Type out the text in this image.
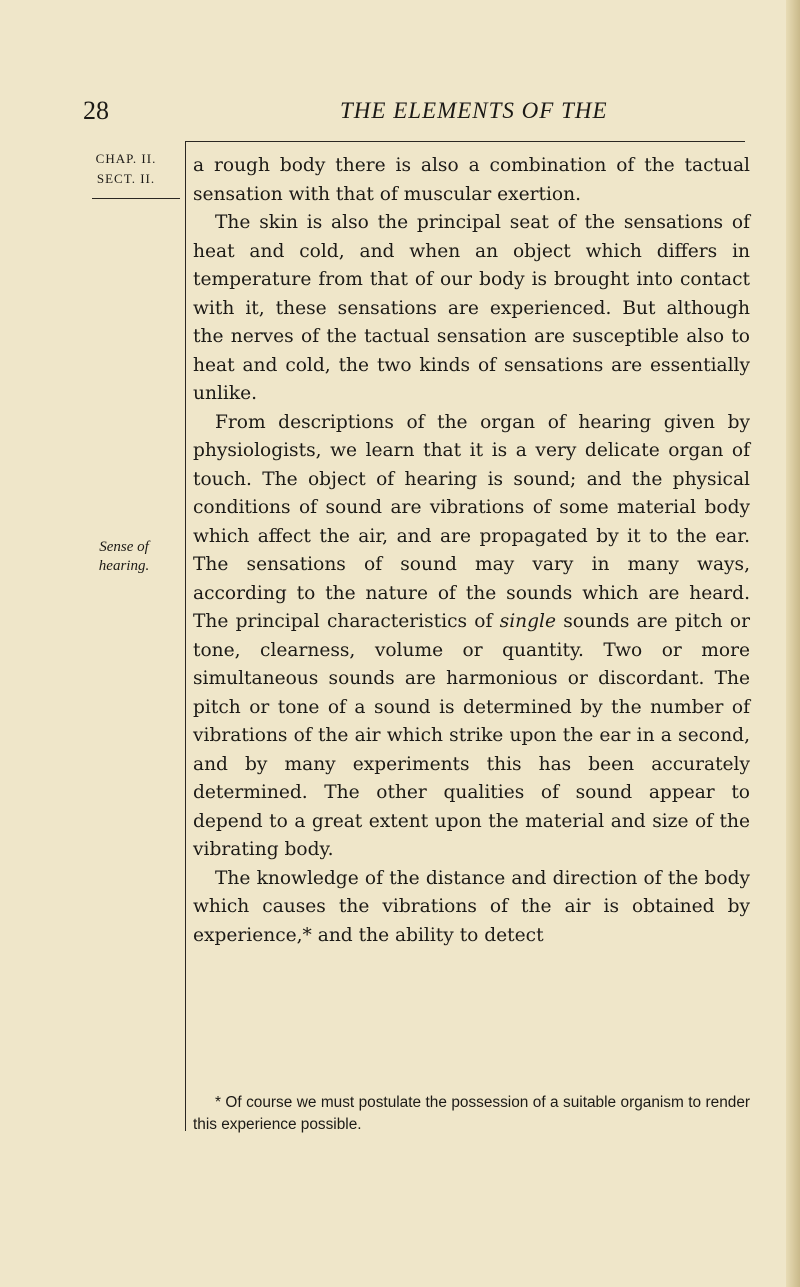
28	THE ELEMENTS OF THE
CHAP. II.
SECT. II.
Sense of
hearing.

a rough body there is also a combination of the tactual sensation with that of muscular exertion.

The skin is also the principal seat of the sensations of heat and cold, and when an object which differs in temperature from that of our body is brought into contact with it, these sensations are experienced. But although the nerves of the tactual sensation are susceptible also to heat and cold, the two kinds of sensations are essentially unlike.

From descriptions of the organ of hearing given by physiologists, we learn that it is a very delicate organ of touch. The object of hearing is sound; and the physical conditions of sound are vibrations of some material body which affect the air, and are propagated by it to the ear. The sensations of sound may vary in many ways, according to the nature of the sounds which are heard. The principal characteristics of single sounds are pitch or tone, clearness, volume or quantity. Two or more simultaneous sounds are harmonious or discordant. The pitch or tone of a sound is determined by the number of vibrations of the air which strike upon the ear in a second, and by many experiments this has been accurately determined. The other qualities of sound appear to depend to a great extent upon the material and size of the vibrating body.

The knowledge of the distance and direction of the body which causes the vibrations of the air is obtained by experience,* and the ability to detect

* Of course we must postulate the possession of a suitable organism to render this experience possible.
